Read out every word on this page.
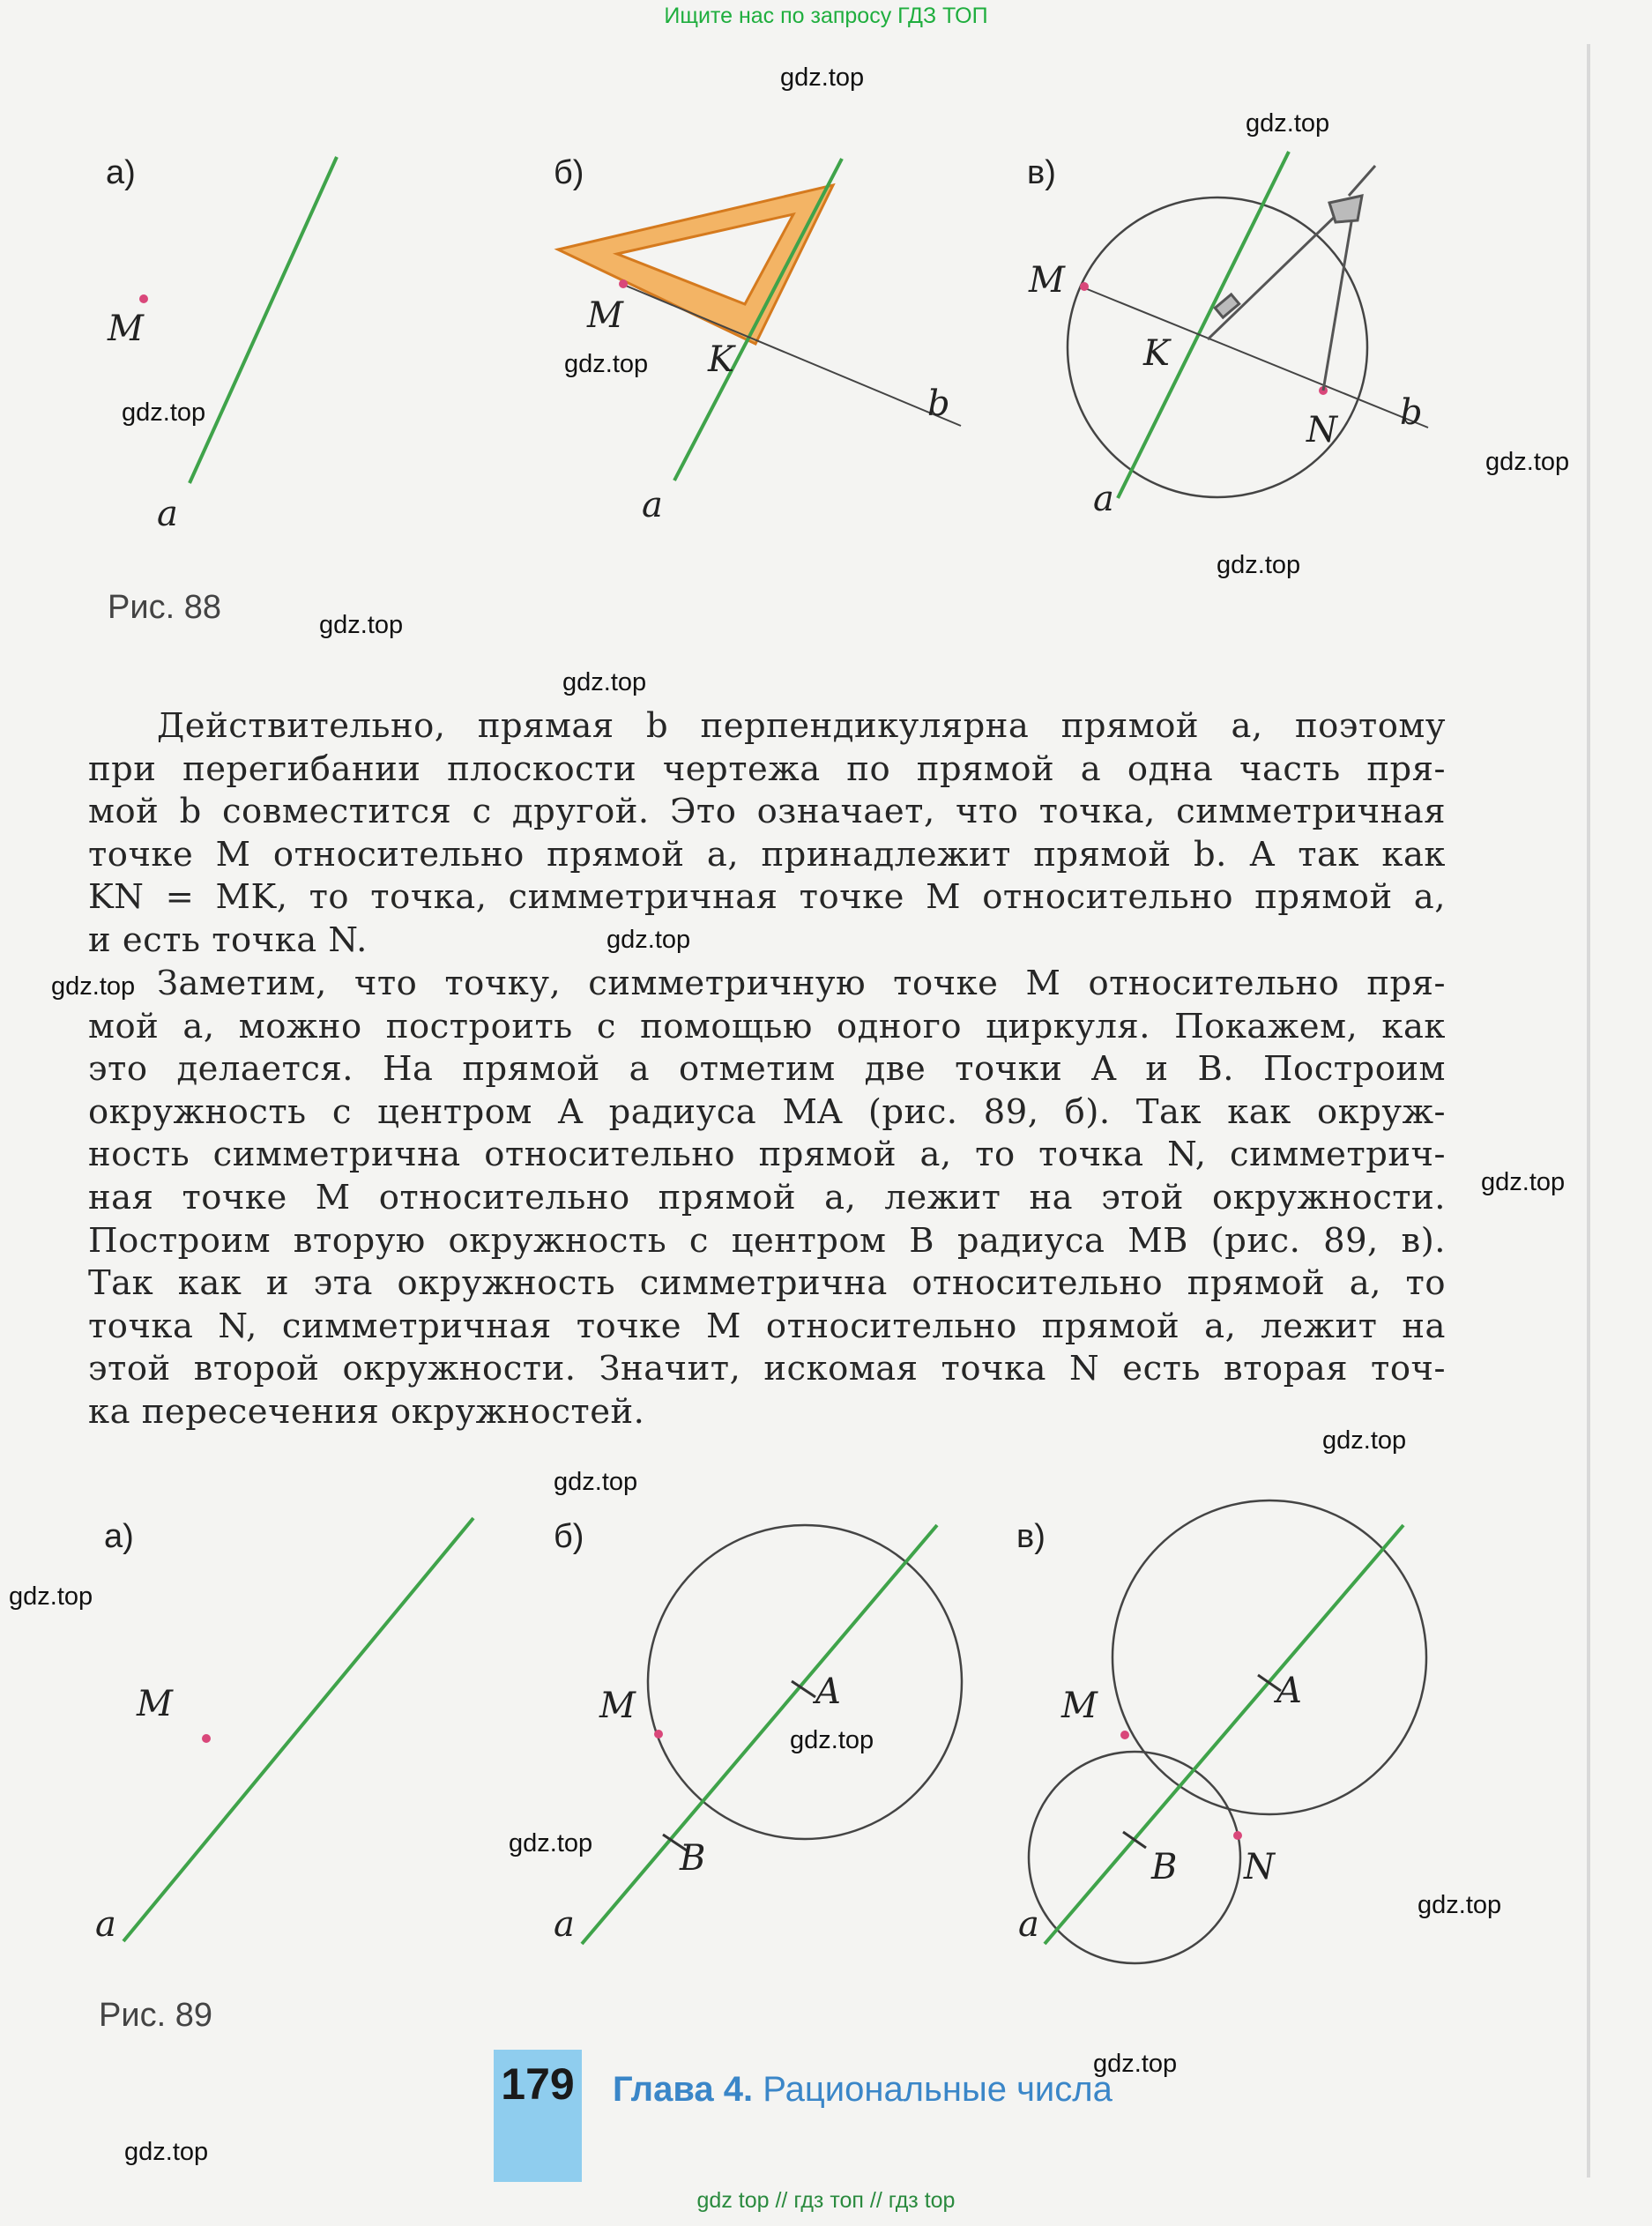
Ищите нас по запросу ГДЗ ТОП
а)	б)	в)
M
a
M
K
b
a
M
K
N b
a
Рис. 88
Действительно, прямая b перпендикулярна прямой a, поэтому
при перегибании плоскости чертежа по прямой a одна часть пря-
мой b совместится с другой. Это означает, что точка, симметричная
точке M относительно прямой a, принадлежит прямой b. А так как
KN = MK, то точка, симметричная точке M относительно прямой a,
и есть точка N.
Заметим, что точку, симметричную точке M относительно пря-
мой a, можно построить с помощью одного циркуля. Покажем, как
это делается. На прямой a отметим две точки A и B. Построим
окружность с центром A радиуса MA (рис. 89, б). Так как окруж-
ность симметрична относительно прямой a, то точка N, симметрич-
ная точке M относительно прямой a, лежит на этой окружности.
Построим вторую окружность с центром B радиуса MB (рис. 89, в).
Так как и эта окружность симметрична относительно прямой a, то
точка N, симметричная точке M относительно прямой a, лежит на
этой второй окружности. Значит, искомая точка N есть вторая точ-
ка пересечения окружностей.
а)	б)	в)
M
a
M	A
B
a
M	A
B N
a
Рис. 89
179 Глава 4. Рациональные числа
gdz top // гдз топ // гдз top
gdz.top
gdz.top
gdz.top
gdz.top
gdz.top
gdz.top
gdz.top
gdz.top
gdz.top
gdz.top
gdz.top
gdz.top
gdz.top
gdz.top
gdz.top
gdz.top
gdz.top
gdz.top
gdz.top
